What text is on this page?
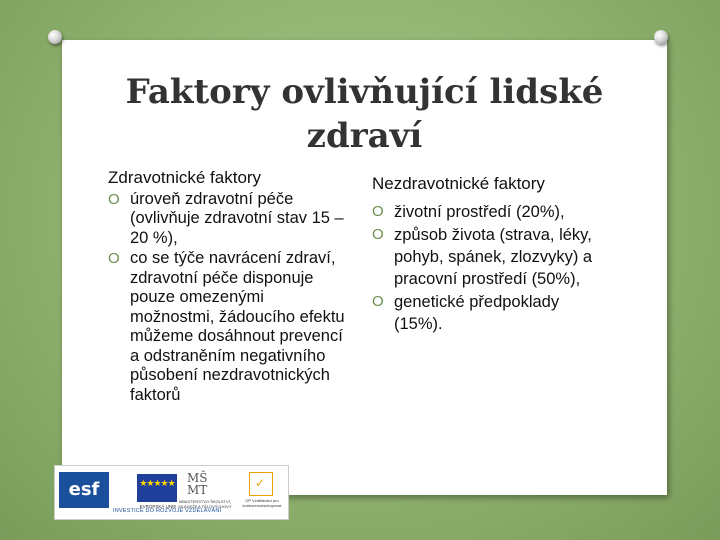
Faktory ovlivňující lidské zdraví
Zdravotnické faktory
O úroveň zdravotní péče (ovlivňuje zdravotní stav 15 – 20 %),
O co se týče navrácení zdraví, zdravotní péče disponuje pouze omezenými možnostmi, žádoucího efektu můžeme dosáhnout prevencí a odstraněním negativního působení nezdravotnických faktorů
Nezdravotnické faktory
O životní prostředí (20%),
O způsob života (strava, léky, pohyb, spánek, zlozvyky) a pracovní prostředí (50%),
O genetické předpoklady (15%).
esf	★★★★★
EVROPSKÁ UNIE
MŠ MT
MINISTERSTVO ŠKOLSTVÍ, MLÁDEŽE A TĚLOVÝCHOVY
✓
OP Vzdělávání pro konkurenceschopnost
INVESTICE DO ROZVOJE VZDĚLÁVÁNÍ
